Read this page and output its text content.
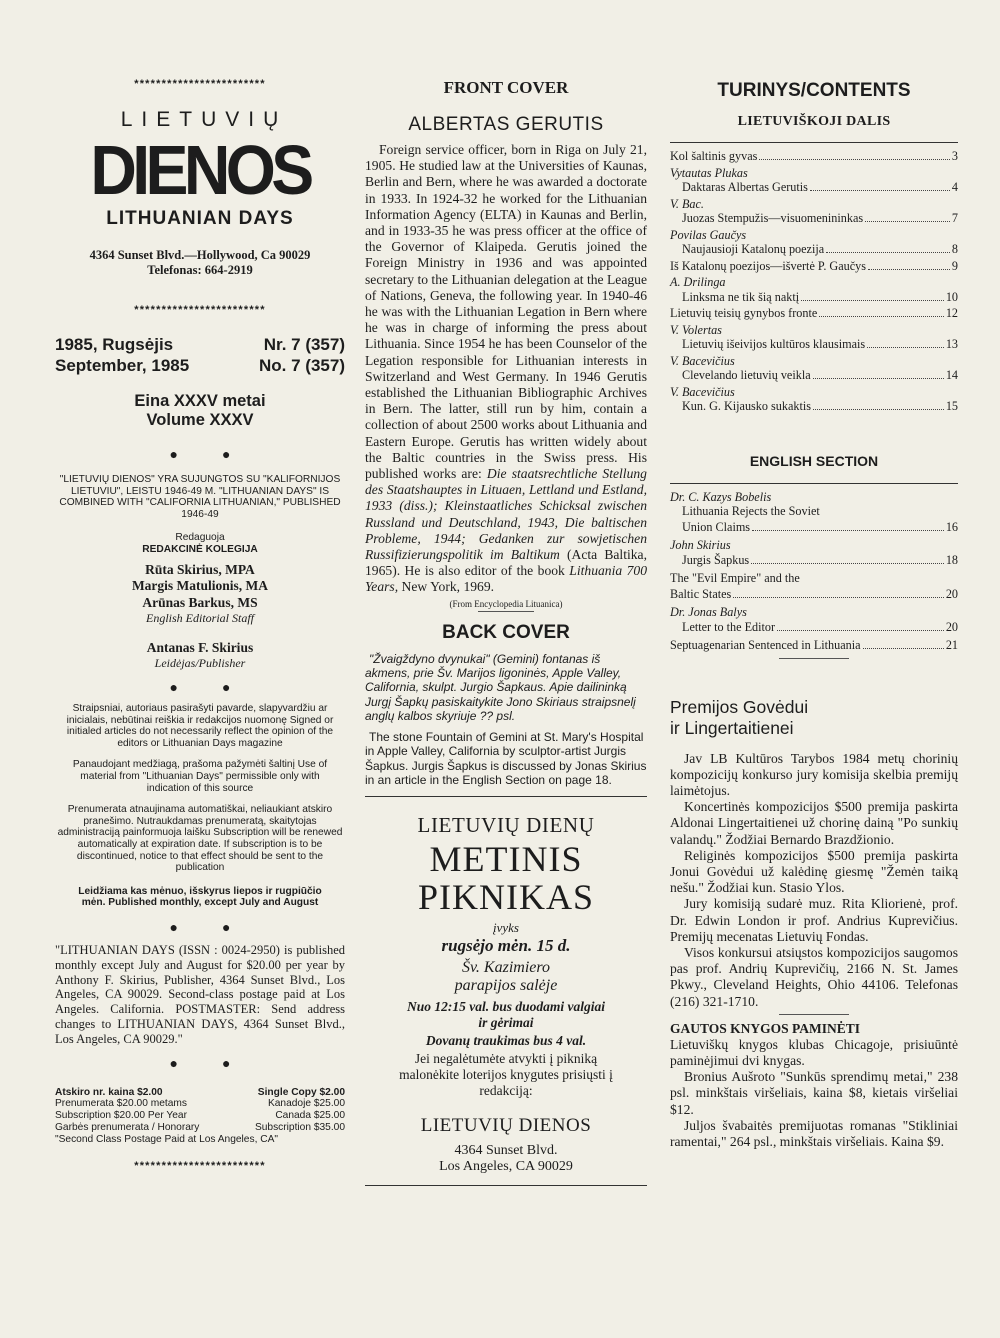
************************
LIETUVIŲ
DIENOS
LITHUANIAN DAYS
4364 Sunset Blvd.—Hollywood, Ca 90029
Telefonas: 664-2919
************************
1985, Rugsėjis	Nr. 7 (357)
September, 1985	No. 7 (357)
Eina XXXV metai
Volume XXXV
●●
"LIETUVIŲ DIENOS" YRA SUJUNGTOS SU "KALIFORNIJOS LIETUVIU", LEISTU 1946-49 M. "LITHUANIAN DAYS" IS COMBINED WITH "CALIFORNIA LITHUANIAN," PUBLISHED 1946-49
Redaguoja
REDAKCINĖ KOLEGIJA
Rūta Skirius, MPA
Margis Matulionis, MA
Arūnas Barkus, MS
English Editorial Staff
Antanas F. Skirius
Leidėjas/Publisher
●●
Straipsniai, autoriaus pasirašyti pavarde, slapyvardžiu ar inicialais, nebūtinai reiškia ir redakcijos nuomonę Signed or initialed articles do not necessarily reflect the opinion of the editors or Lithuanian Days magazine
Panaudojant medžiagą, prašoma pažymėti šaltinį Use of material from "Lithuanian Days" permissible only with indication of this source
Prenumerata atnaujinama automatiškai, neliaukiant atskiro pranešimo. Nutraukdamas prenumeratą, skaitytojas administraciją painformuoja laišku Subscription will be renewed automatically at expiration date. If subscription is to be discontinued, notice to that effect should be sent to the publication
Leidžiama kas mėnuo, išskyrus liepos ir rugpiūčio mėn. Published monthly, except July and August
●●
"LITHUANIAN DAYS (ISSN : 0024-2950) is published monthly except July and August for $20.00 per year by Anthony F. Skirius, Publisher, 4364 Sunset Blvd., Los Angeles, CA 90029. Second-class postage paid at Los Angeles. California. POSTMASTER: Send address changes to LITHUANIAN DAYS, 4364 Sunset Blvd., Los Angeles, CA 90029."
●●
Atskiro nr. kaina $2.00	Single Copy $2.00
Prenumerata $20.00 metams	Kanadoje $25.00
Subscription $20.00 Per Year	Canada $25.00
Garbės prenumerata / Honorary	Subscription $35.00
"Second Class Postage Paid at Los Angeles, CA"
************************
FRONT COVER
ALBERTAS GERUTIS
Foreign service officer, born in Riga on July 21, 1905. He studied law at the Universities of Kaunas, Berlin and Bern, where he was awarded a doctorate in 1933. In 1924-32 he worked for the Lithuanian Information Agency (ELTA) in Kaunas and Berlin, and in 1933-35 he was press officer at the office of the Governor of Klaipeda. Gerutis joined the Foreign Ministry in 1936 and was appointed secretary to the Lithuanian delegation at the League of Nations, Geneva, the following year. In 1940-46 he was with the Lithuanian Legation in Bern where he was in charge of informing the press about Lithuania. Since 1954 he has been Counselor of the Legation responsible for Lithuanian interests in Switzerland and West Germany. In 1946 Gerutis established the Lithuanian Bibliographic Archives in Bern. The latter, still run by him, contain a collection of about 2500 works about Lithuania and Eastern Europe. Gerutis has written widely about the Baltic countries in the Swiss press. His published works are: Die staatsrechtliche Stellung des Staatshauptes in Lituaen, Lettland und Estland, 1933 (diss.); Kleinstaatliches Schicksal zwischen Russland und Deutschland, 1943, Die baltischen Probleme, 1944; Gedanken zur sowjetischen Russifizierungspolitik im Baltikum (Acta Baltika, 1965). He is also editor of the book Lithuania 700 Years, New York, 1969.
(From Encyclopedia Lituanica)
BACK COVER
"Žvaigždyno dvynukai" (Gemini) fontanas iš akmens, prie Šv. Marijos ligoninės, Apple Valley, California, skulpt. Jurgio Šapkaus. Apie dailininką Jurgį Šapkų pasiskaitykite Jono Skiriaus straipsnelį anglų kalbos skyriuje ?? psl.
The stone Fountain of Gemini at St. Mary's Hospital in Apple Valley, California by sculptor-artist Jurgis Šapkus. Jurgis Šapkus is discussed by Jonas Skirius in an article in the English Section on page 18.
LIETUVIŲ DIENŲ
METINIS
PIKNIKAS
įvyks
rugsėjo mėn. 15 d.
Šv. Kazimiero
parapijos salėje
Nuo 12:15 val. bus duodami valgiai ir gėrimai
Dovanų traukimas bus 4 val.
Jei negalėtumėte atvykti į pikniką malonėkite loterijos knygutes prisiųsti į redakciją:
LIETUVIŲ DIENOS
4364 Sunset Blvd.
Los Angeles, CA 90029
TURINYS/CONTENTS
LIETUVIŠKOJI DALIS
Kol šaltinis gyvas	3
Vytautas Plukas
Daktaras Albertas Gerutis	4
V. Bac.
Juozas Stempužis—visuomenininkas	7
Povilas Gaučys
Naujausioji Katalonų poezija	8
Iš Katalonų poezijos—išvertė P. Gaučys	9
A. Drilinga
Linksma ne tik šią naktį	10
Lietuvių teisių gynybos fronte	12
V. Volertas
Lietuvių išeivijos kultūros klausimais	13
V. Bacevičius
Clevelando lietuvių veikla	14
V. Bacevičius
Kun. G. Kijausko sukaktis	15
ENGLISH SECTION
Dr. C. Kazys Bobelis
Lithuania Rejects the Soviet
Union Claims	16
John Skirius
Jurgis Šapkus	18
The "Evil Empire" and the
Baltic States	20
Dr. Jonas Balys
Letter to the Editor	20
Septuagenarian Sentenced in Lithuania	21
Premijos Govėdui
ir Lingertaitienei
Jav LB Kultūros Tarybos 1984 metų chorinių kompozicijų konkurso jury komisija skelbia premijų laimėtojus.
Koncertinės kompozicijos $500 premija paskirta Aldonai Lingertaitienei už chorinę dainą "Po sunkių valandų." Žodžiai Bernardo Brazdžionio.
Religinės kompozicijos $500 premija paskirta Jonui Govėdui už kalėdinę giesmę "Žemėn taiką nešu." Žodžiai kun. Stasio Ylos.
Jury komisiją sudarė muz. Rita Kliorienė, prof. Dr. Edwin London ir prof. Andrius Kuprevičius. Premijų mecenatas Lietuvių Fondas.
Visos konkursui atsiųstos kompozicijos saugomos pas prof. Andrių Kuprevičių, 2166 N. St. James Pkwy., Cleveland Heights, Ohio 44106. Telefonas (216) 321-1710.
GAUTOS KNYGOS PAMINĖTI
Lietuviškų knygos klubas Chicagoje, prisiuūntė paminėjimui dvi knygas.
Bronius Aušroto "Sunkūs sprendimų metai," 238 psl. minkštais viršeliais, kaina $8, kietais viršeliai $12.
Juljos švabaitės premijuotas romanas "Stikliniai ramentai," 264 psl., minkštais viršeliais. Kaina $9.
